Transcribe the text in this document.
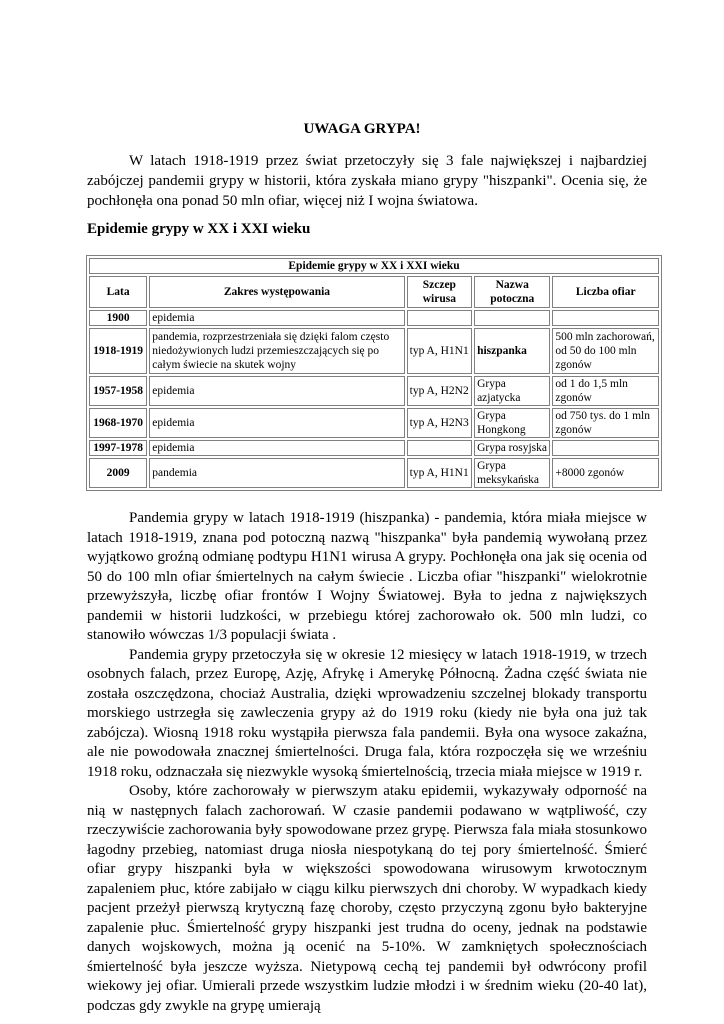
UWAGA GRYPA!

W latach 1918-1919 przez świat przetoczyły się 3 fale największej i najbardziej zabójczej pandemii grypy w historii, która zyskała miano grypy "hiszpanki". Ocenia się, że pochłonęła ona ponad 50 mln ofiar, więcej niż I wojna światowa.

Epidemie grypy w XX i XXI wieku
Epidemie grypy w XX i XXI wieku				
Lata	Zakres występowania	Szczep wirusa	Nazwa potoczna	Liczba ofiar
1900	epidemia			
1918-1919	pandemia, rozprzestrzeniała się dzięki falom często niedożywionych ludzi przemieszczających się po całym świecie na skutek wojny	typ A, H1N1	hiszpanka	500 mln zachorowań, od 50 do 100 mln zgonów
1957-1958	epidemia	typ A, H2N2	Grypa azjatycka	od 1 do 1,5 mln zgonów
1968-1970	epidemia	typ A, H2N3	Grypa Hongkong	od 750 tys. do 1 mln zgonów
1997-1978	epidemia		Grypa rosyjska	
2009	pandemia	typ A, H1N1	Grypa meksykańska	+8000 zgonów

Pandemia grypy w latach 1918-1919 (hiszpanka) - pandemia, która miała miejsce w latach 1918-1919, znana pod potoczną nazwą "hiszpanka" była pandemią wywołaną przez wyjątkowo groźną odmianę podtypu H1N1 wirusa A grypy. Pochłonęła ona jak się ocenia od 50 do 100 mln ofiar śmiertelnych na całym świecie . Liczba ofiar "hiszpanki" wielokrotnie przewyższyła, liczbę ofiar frontów I Wojny Światowej. Była to jedna z największych pandemii w historii ludzkości, w przebiegu której zachorowało ok. 500 mln ludzi, co stanowiło wówczas 1/3 populacji świata .

Pandemia grypy przetoczyła się w okresie 12 miesięcy w latach 1918-1919, w trzech osobnych falach, przez Europę, Azję, Afrykę i Amerykę Północną. Żadna część świata nie została oszczędzona, chociaż Australia, dzięki wprowadzeniu szczelnej blokady transportu morskiego ustrzegła się zawleczenia grypy aż do 1919 roku (kiedy nie była ona już tak zabójcza). Wiosną 1918 roku wystąpiła pierwsza fala pandemii. Była ona wysoce zakaźna, ale nie powodowała znacznej śmiertelności. Druga fala, która rozpoczęła się we wrześniu 1918 roku, odznaczała się niezwykle wysoką śmiertelnością, trzecia miała miejsce w 1919 r.

Osoby, które zachorowały w pierwszym ataku epidemii, wykazywały odporność na nią w następnych falach zachorowań. W czasie pandemii podawano w wątpliwość, czy rzeczywiście zachorowania były spowodowane przez grypę. Pierwsza fala miała stosunkowo łagodny przebieg, natomiast druga niosła niespotykaną do tej pory śmiertelność. Śmierć ofiar grypy hiszpanki była w większości spowodowana wirusowym krwotocznym zapaleniem płuc, które zabijało w ciągu kilku pierwszych dni choroby. W wypadkach kiedy pacjent przeżył pierwszą krytyczną fazę choroby, często przyczyną zgonu było bakteryjne zapalenie płuc. Śmiertelność grypy hiszpanki jest trudna do oceny, jednak na podstawie danych wojskowych, można ją ocenić na 5-10%. W zamkniętych społecznościach śmiertelność była jeszcze wyższa. Nietypową cechą tej pandemii był odwrócony profil wiekowy jej ofiar. Umierali przede wszystkim ludzie młodzi i w średnim wieku (20-40 lat), podczas gdy zwykle na grypę umierają
